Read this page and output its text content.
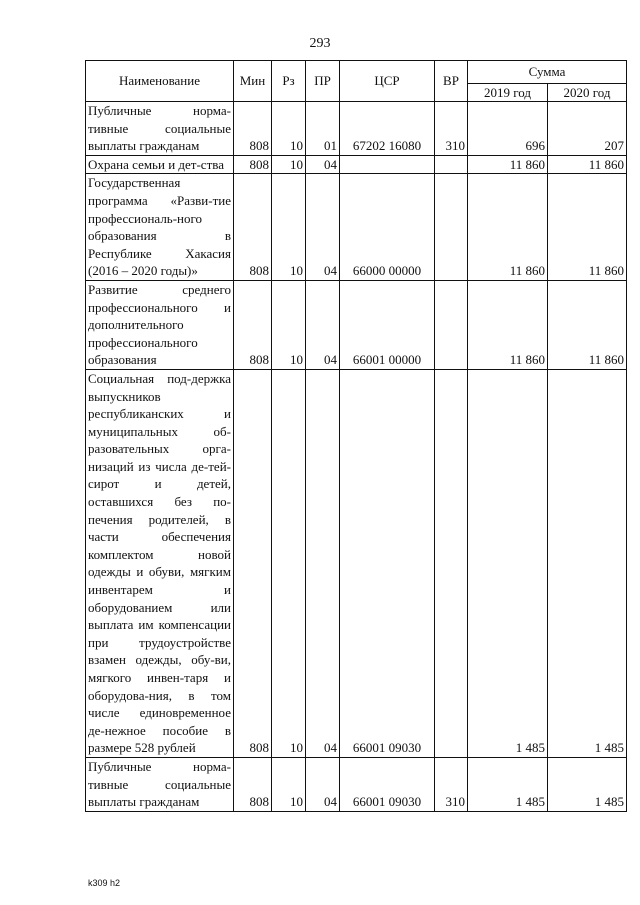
293
Наименование	Мин	Рз	ПР	ЦСР	ВР	Сумма	
						2019 год	2020 год
Публичные норма-тивные социальные выплаты гражданам	808	10	01	67202 16080	310	696	207
Охрана семьи и дет-ства	808	10	04			11 860	11 860
Государственная программа «Разви-тие профессиональ-ного образования в Республике Хакасия (2016 – 2020 годы)»	808	10	04	66000 00000		11 860	11 860
Развитие среднего профессионального и дополнительного профессионального образования	808	10	04	66001 00000		11 860	11 860
Социальная под-держка выпускников республиканских и муниципальных об-разовательных орга-низаций из числа де-тей-сирот и детей, оставшихся без по-печения родителей, в части обеспечения комплектом новой одежды и обуви, мягким инвентарем и оборудованием или выплата им компенсации при трудоустройстве взамен одежды, обу-ви, мягкого инвен-таря и оборудова-ния, в том числе единовременное де-нежное пособие в размере 528 рублей	808	10	04	66001 09030		1 485	1 485
Публичные норма-тивные социальные выплаты гражданам	808	10	04	66001 09030	310	1 485	1 485
k309 h2
